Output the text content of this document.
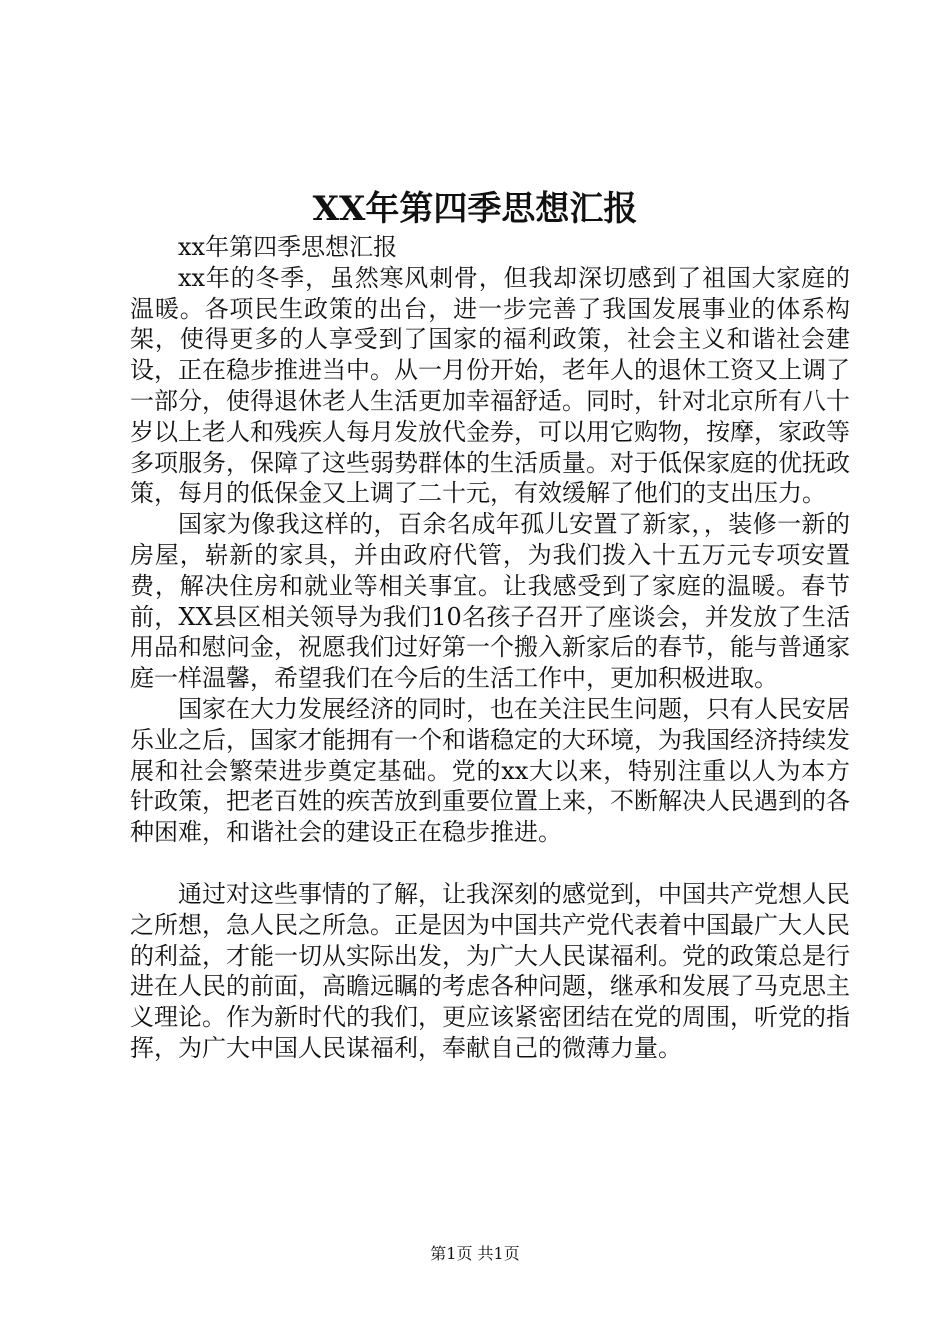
XX年第四季思想汇报

xx年第四季思想汇报

xx年的冬季，虽然寒风刺骨，但我却深切感到了祖国大家庭的温暖。各项民生政策的出台，进一步完善了我国发展事业的体系构架，使得更多的人享受到了国家的福利政策，社会主义和谐社会建设，正在稳步推进当中。从一月份开始，老年人的退休工资又上调了一部分，使得退休老人生活更加幸福舒适。同时，针对北京所有八十岁以上老人和残疾人每月发放代金券，可以用它购物，按摩，家政等多项服务，保障了这些弱势群体的生活质量。对于低保家庭的优抚政策，每月的低保金又上调了二十元，有效缓解了他们的支出压力。

国家为像我这样的，百余名成年孤儿安置了新家，，装修一新的房屋，崭新的家具，并由政府代管，为我们拨入十五万元专项安置费，解决住房和就业等相关事宜。让我感受到了家庭的温暖。春节前，XX县区相关领导为我们10名孩子召开了座谈会，并发放了生活用品和慰问金，祝愿我们过好第一个搬入新家后的春节，能与普通家庭一样温馨，希望我们在今后的生活工作中，更加积极进取。

国家在大力发展经济的同时，也在关注民生问题，只有人民安居乐业之后，国家才能拥有一个和谐稳定的大环境，为我国经济持续发展和社会繁荣进步奠定基础。党的xx大以来，特别注重以人为本方针政策，把老百姓的疾苦放到重要位置上来，不断解决人民遇到的各种困难，和谐社会的建设正在稳步推进。

通过对这些事情的了解，让我深刻的感觉到，中国共产党想人民之所想，急人民之所急。正是因为中国共产党代表着中国最广大人民的利益，才能一切从实际出发，为广大人民谋福利。党的政策总是行进在人民的前面，高瞻远瞩的考虑各种问题，继承和发展了马克思主义理论。作为新时代的我们，更应该紧密团结在党的周围，听党的指挥，为广大中国人民谋福利，奉献自己的微薄力量。

第1页 共1页
